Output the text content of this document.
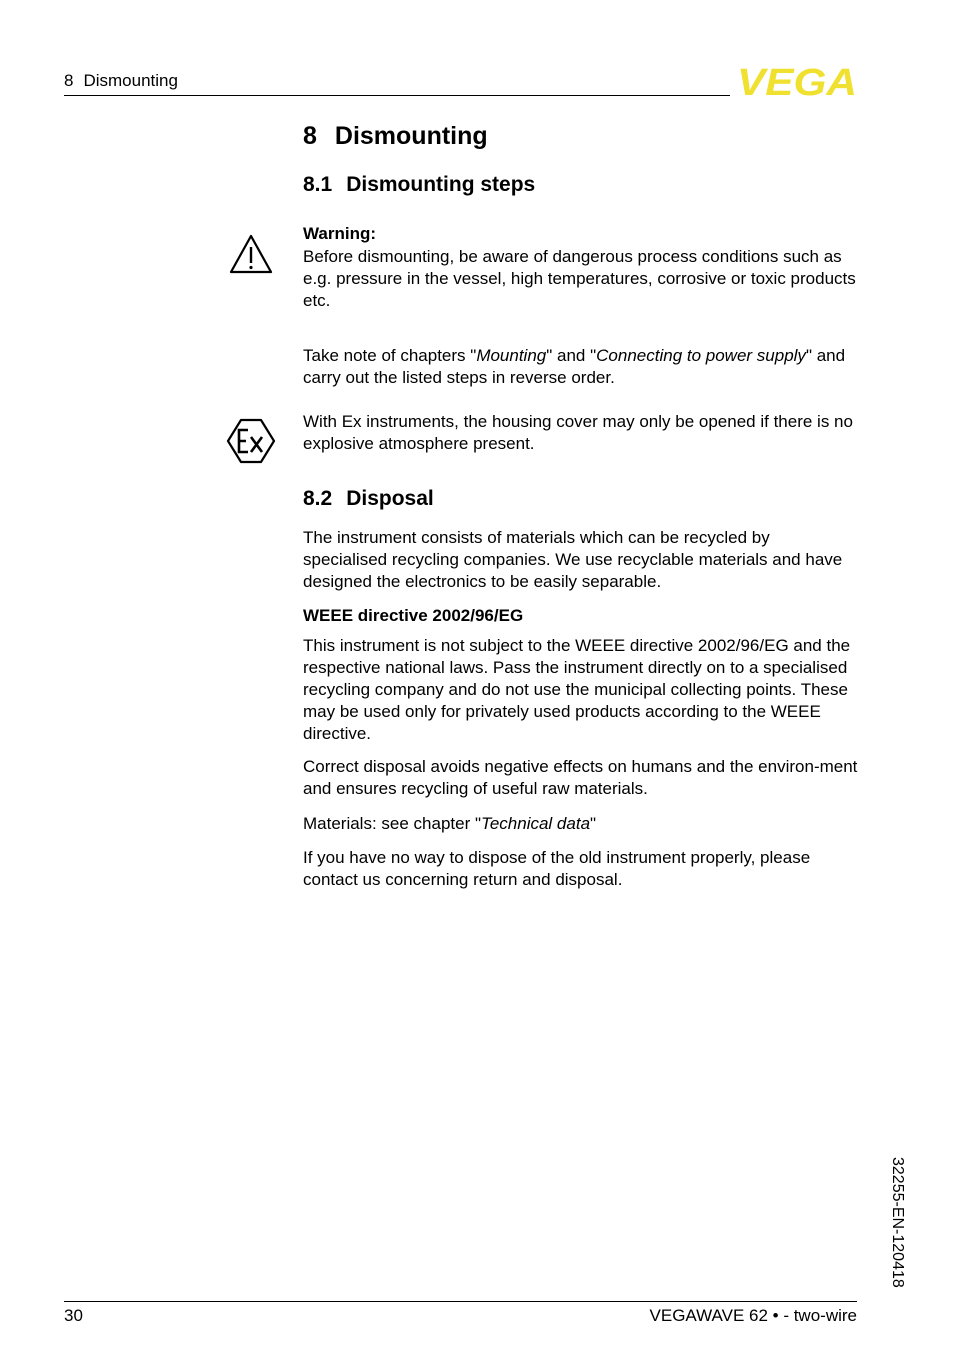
8 Dismounting	VEGA
8 Dismounting
8.1 Dismounting steps
Warning:
Before dismounting, be aware of dangerous process conditions such as e.g. pressure in the vessel, high temperatures, corrosive or toxic products etc.
Take note of chapters "Mounting" and "Connecting to power supply" and carry out the listed steps in reverse order.
With Ex instruments, the housing cover may only be opened if there is no explosive atmosphere present.
8.2 Disposal
The instrument consists of materials which can be recycled by specialised recycling companies. We use recyclable materials and have designed the electronics to be easily separable.
WEEE directive 2002/96/EG
This instrument is not subject to the WEEE directive 2002/96/EG and the respective national laws. Pass the instrument directly on to a specialised recycling company and do not use the municipal collecting points. These may be used only for privately used products according to the WEEE directive.
Correct disposal avoids negative effects on humans and the environ-ment and ensures recycling of useful raw materials.
Materials: see chapter "Technical data"
If you have no way to dispose of the old instrument properly, please contact us concerning return and disposal.
32255-EN-120418
30	VEGAWAVE 62 • - two-wire
